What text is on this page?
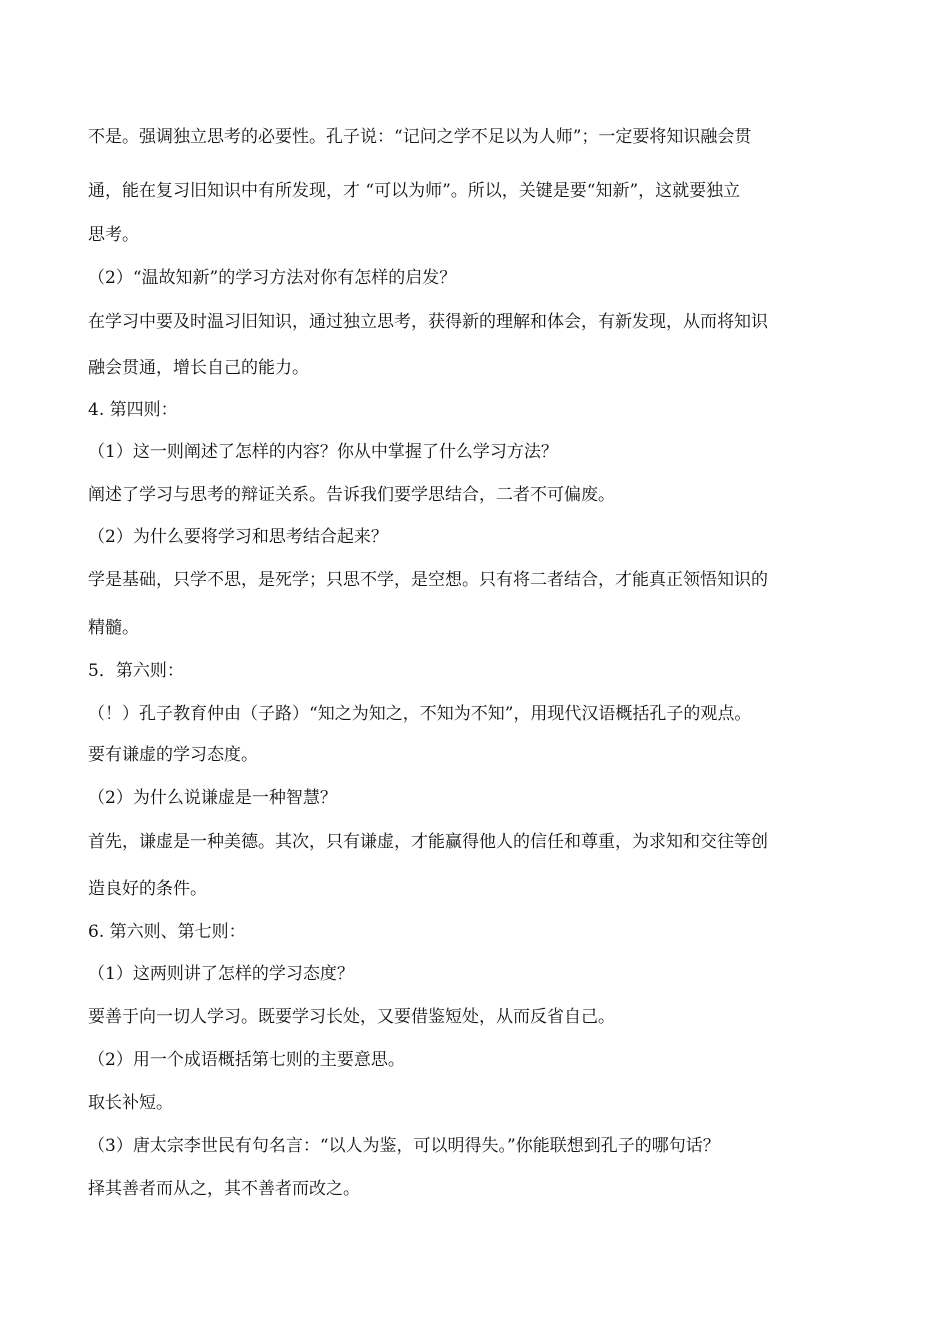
不是。强调独立思考的必要性。孔子说：“记问之学不足以为人师”；一定要将知识融会贯
通，能在复习旧知识中有所发现，才 “可以为师”。所以，关键是要“知新”，这就要独立
思考。
（2）“温故知新”的学习方法对你有怎样的启发？
在学习中要及时温习旧知识，通过独立思考，获得新的理解和体会，有新发现，从而将知识
融会贯通，增长自己的能力。
4. 第四则：
（1）这一则阐述了怎样的内容？你从中掌握了什么学习方法？
阐述了学习与思考的辩证关系。告诉我们要学思结合，二者不可偏废。
（2）为什么要将学习和思考结合起来？
学是基础，只学不思，是死学；只思不学，是空想。只有将二者结合，才能真正领悟知识的
精髓。
5．第六则：
（！）孔子教育仲由（子路）“知之为知之，不知为不知”，用现代汉语概括孔子的观点。
要有谦虚的学习态度。
（2）为什么说谦虚是一种智慧？
首先，谦虚是一种美德。其次，只有谦虚，才能赢得他人的信任和尊重，为求知和交往等创
造良好的条件。
6. 第六则、第七则：
（1）这两则讲了怎样的学习态度？
要善于向一切人学习。既要学习长处，又要借鉴短处，从而反省自己。
（2）用一个成语概括第七则的主要意思。
取长补短。
（3）唐太宗李世民有句名言：“以人为鉴，可以明得失。”你能联想到孔子的哪句话？
择其善者而从之，其不善者而改之。
